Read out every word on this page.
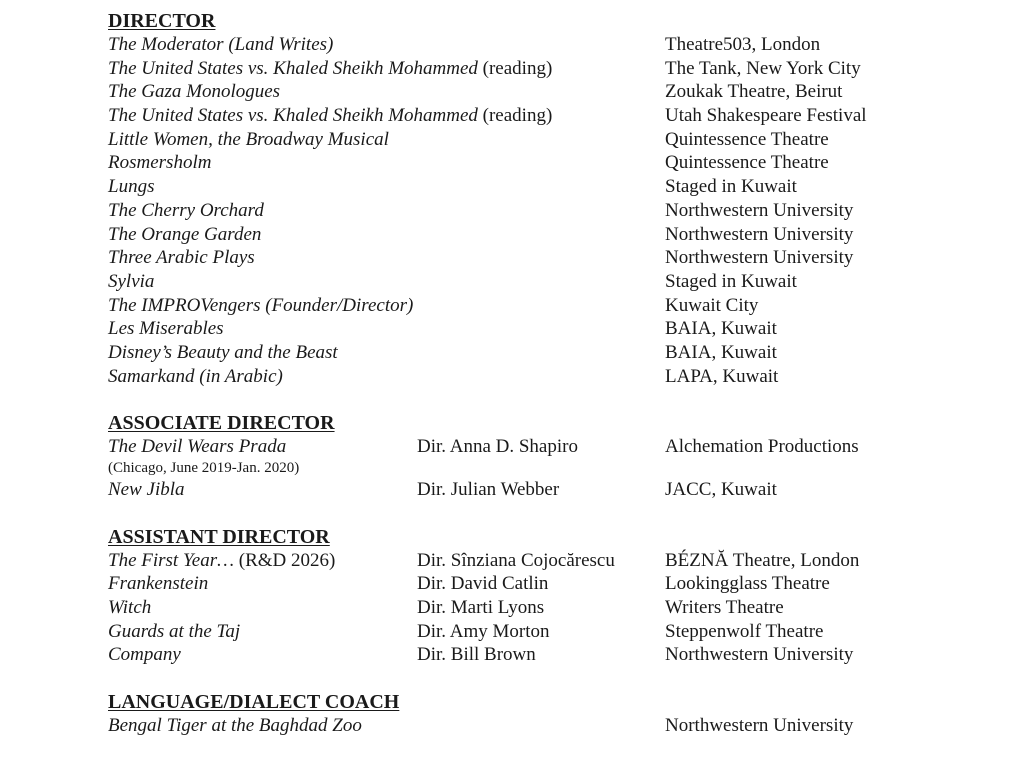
DIRECTOR
The Moderator (Land Writes)	Theatre503, London
The United States vs. Khaled Sheikh Mohammed (reading)	The Tank, New York City
The Gaza Monologues	Zoukak Theatre, Beirut
The United States vs. Khaled Sheikh Mohammed (reading)	Utah Shakespeare Festival
Little Women, the Broadway Musical	Quintessence Theatre
Rosmersholm	Quintessence Theatre
Lungs	Staged in Kuwait
The Cherry Orchard	Northwestern University
The Orange Garden	Northwestern University
Three Arabic Plays	Northwestern University
Sylvia	Staged in Kuwait
The IMPROVengers (Founder/Director)	Kuwait City
Les Miserables	BAIA, Kuwait
Disney’s Beauty and the Beast	BAIA, Kuwait
Samarkand (in Arabic)	LAPA, Kuwait
ASSOCIATE DIRECTOR
The Devil Wears Prada	Dir. Anna D. Shapiro	Alchemation Productions
(Chicago, June 2019-Jan. 2020)
New Jibla	Dir. Julian Webber	JACC, Kuwait
ASSISTANT DIRECTOR
The First Year… (R&D 2026)	Dir. Sînziana Cojocărescu	BÉZNĂ Theatre, London
Frankenstein	Dir. David Catlin	Lookingglass Theatre
Witch	Dir. Marti Lyons	Writers Theatre
Guards at the Taj	Dir. Amy Morton	Steppenwolf Theatre
Company	Dir. Bill Brown	Northwestern University
LANGUAGE/DIALECT COACH
Bengal Tiger at the Baghdad Zoo	Northwestern University
